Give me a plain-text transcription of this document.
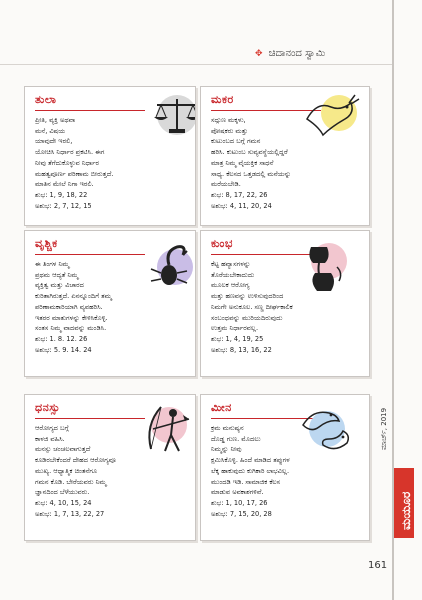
✥ ಚಿದಾನಂದ ಸ್ವಾಮಿ
ತುಲಾ
ಪ್ರೀತಿ, ವ್ಯಕ್ತಿ ಅಥವಾ
ಮನೆ, ವಿಷಯ
ಯಾವುದೇ ಇರಲಿ,
ಯೋಚಿಸಿ ನಿರ್ಧಾರ ಪ್ರಕಟಿಸಿ. ಈಗ
ನೀವು ತೆಗೆದುಕೊಳ್ಳುವ ನಿರ್ಧಾರ
ಮಹತ್ವಪೂರ್ಣ ಪರಿಣಾಮ ಬೀರುತ್ತದೆ.
ಮಾತಿನ ಮೇಲೆ ನಿಗಾ ಇರಲಿ.
ಶುಭ: 1, 9, 18, 22
ಅಶುಭ: 2, 7, 12, 15
ಮಕರ
ಸದ್ಗುಣ ಮಕ್ಕಳು,
ಪೋಷಕರು ಮತ್ತು
ಕುಟುಂಬದ ಬಗ್ಗೆ ಗಮನ
ಹರಿಸಿ. ಕುಟುಂಬ ಸುವ್ಯವಸ್ಥೆಯಲ್ಲಿದ್ದರೆ
ಮಾತ್ರ ನಿಮ್ಮ ವೈಯಕ್ತಿಕ ಸಾಧನೆ
ಸಾಧ್ಯ. ಕೆಲಸದ ಒತ್ತಡದಲ್ಲಿ ಮನೆಯನ್ನು
ಮರೆಯಬೇಡಿ.
ಶುಭ: 8, 17, 22, 26
ಅಶುಭ: 4, 11, 20, 24
ವೃಶ್ಚಿಕ
ಈ ತಿಂಗಳ ನಿಮ್ಮ
ಪ್ರಥಮ ಆದ್ಯತೆ ನಿಮ್ಮ
ವ್ಯಕ್ತಿತ್ವ ಮತ್ತು ವಿಚಾರದ
ಕುರಿತಾಗಿರುತ್ತದೆ. ಏನನ್ನೂಂದಿಗೆ ತಮ್ಮ
ಪರಿಣಾಮಕಾರಿಯಾಗಿ ವ್ಯವಹರಿಸಿ.
ಇತರರ ಮಾತುಗಳನ್ನು ಕೇಳಿಸಿಕೊಳ್ಳಿ.
ಸಂತಸ ನಿಮ್ಮ ವಾದವನ್ನು ಮಂಡಿಸಿ.
ಶುಭ: 1. 8. 12. 26
ಅಶುಭ: 5. 9. 14. 24
ಕುಂಭ
ಕೆಟ್ಟ ಹವ್ಯಾಸಗಳನ್ನು
ತೊರೆಯಬೇಕಾದುದು
ಮೂಲಕ ಆರೋಗ್ಯ
ಮತ್ತು ಹಣವನ್ನು ಉಳಿಸುವುದರಿಂದ
ನಿಮಗೇ ಅನುಕೂಲ. ಸಣ್ಣ ದೀರ್ಘಕಾಲಿಕ
ಸಂಬಂಧವನ್ನು ಮುರಿಯದಿರುವುದು
ಉತ್ತಮ ನಿರ್ಧಾರವಲ್ಲ.
ಶುಭ: 1, 4, 19, 25
ಅಶುಭ: 8, 13, 16, 22
ಧನಸ್ಸು
ಆರೋಗ್ಯದ ಬಗ್ಗೆ
ಕಾಳಜಿ ವಹಿಸಿ.
ಮನಸ್ಸು ಚಂಚಲವಾಗುತ್ತದೆ
ಕೂಡಿರಬೇಕೆಂದರೆ ದೇಹದ ಆರೋಗ್ಯವೂ
ಮುಖ್ಯ. ಆಧ್ಯಾತ್ಮಿಕ ಚಿಂತನೆಗೂ
ಗಮನ ಕೊಡಿ. ಬೇರೆಯವರು ನಿಮ್ಮ
ಜ್ಞಾನದಿಂದ ಬೆಳೆಯುವರು.
ಶುಭ: 4, 10, 15, 24
ಅಶುಭ: 1, 7, 13, 22, 27
ಮೀನ
ಕ್ರಮ ಮನುಷ್ಯನ
ದೊಡ್ಡ ಗುಣ. ಮೊದಲು
ನಿಮ್ಮನ್ನು ನೀವು
ಕ್ಷಮಿಸಿಕೊಳ್ಳಿ. ಹಿಂದೆ ಮಾಡಿದ ತಪ್ಪುಗಳ
ಲೆಕ್ಕ ಹಾಕುವುದು ಕುಗಿಕಾರಿ ಲಾಭವಿಲ್ಲ.
ಮುಂದಡಿ ಇಡಿ. ಸಾಮಾಜಿಕ ಕೆಲಸ
ಮಾಡುವ ಅವಕಾಶಗಳಿವೆ.
ಶುಭ: 1, 10, 17, 26
ಅಶುಭ: 7, 15, 20, 28
ಮಾರ್ಚ್, 2019
ಮಯೂರ
161
